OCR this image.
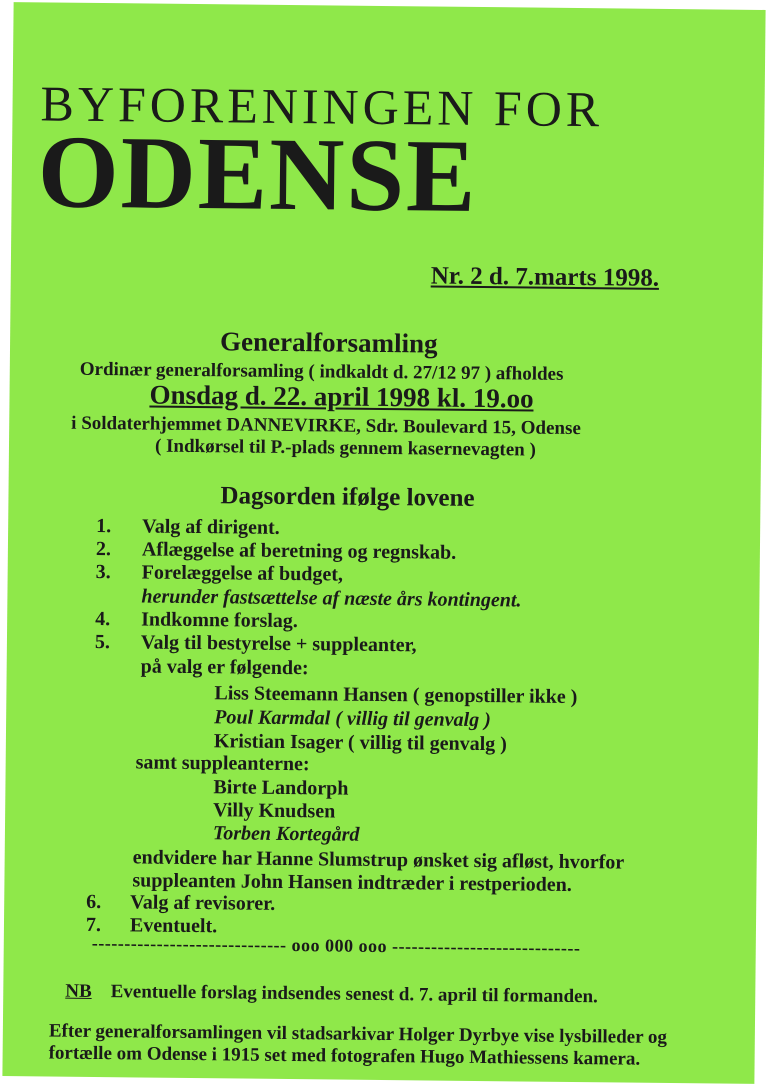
BYFORENINGEN FOR
ODENSE
Nr. 2 d. 7.marts 1998.
Generalforsamling
Ordinær generalforsamling ( indkaldt d. 27/12 97 ) afholdes
Onsdag d. 22. april 1998 kl. 19.oo
i Soldaterhjemmet DANNEVIRKE, Sdr. Boulevard 15, Odense
( Indkørsel til P.-plads gennem kasernevagten )
Dagsorden ifølge lovene
1. Valg af dirigent.
2. Aflæggelse af beretning og regnskab.
3. Forelæggelse af budget,
herunder fastsættelse af næste års kontingent.
4. Indkomne forslag.
5. Valg til bestyrelse + suppleanter,
på valg er følgende:
Liss Steemann Hansen ( genopstiller ikke )
Poul Karmdal ( villig til genvalg )
Kristian Isager ( villig til genvalg )
samt suppleanterne:
Birte Landorph
Villy Knudsen
Torben Kortegård
endvidere har Hanne Slumstrup ønsket sig afløst, hvorfor
suppleanten John Hansen indtræder i restperioden.
6. Valg af revisorer.
7. Eventuelt.
------------------------------ ooo 000 ooo -----------------------------
NB Eventuelle forslag indsendes senest d. 7. april til formanden.
Efter generalforsamlingen vil stadsarkivar Holger Dyrbye vise lysbilleder og
fortælle om Odense i 1915 set med fotografen Hugo Mathiessens kamera.
